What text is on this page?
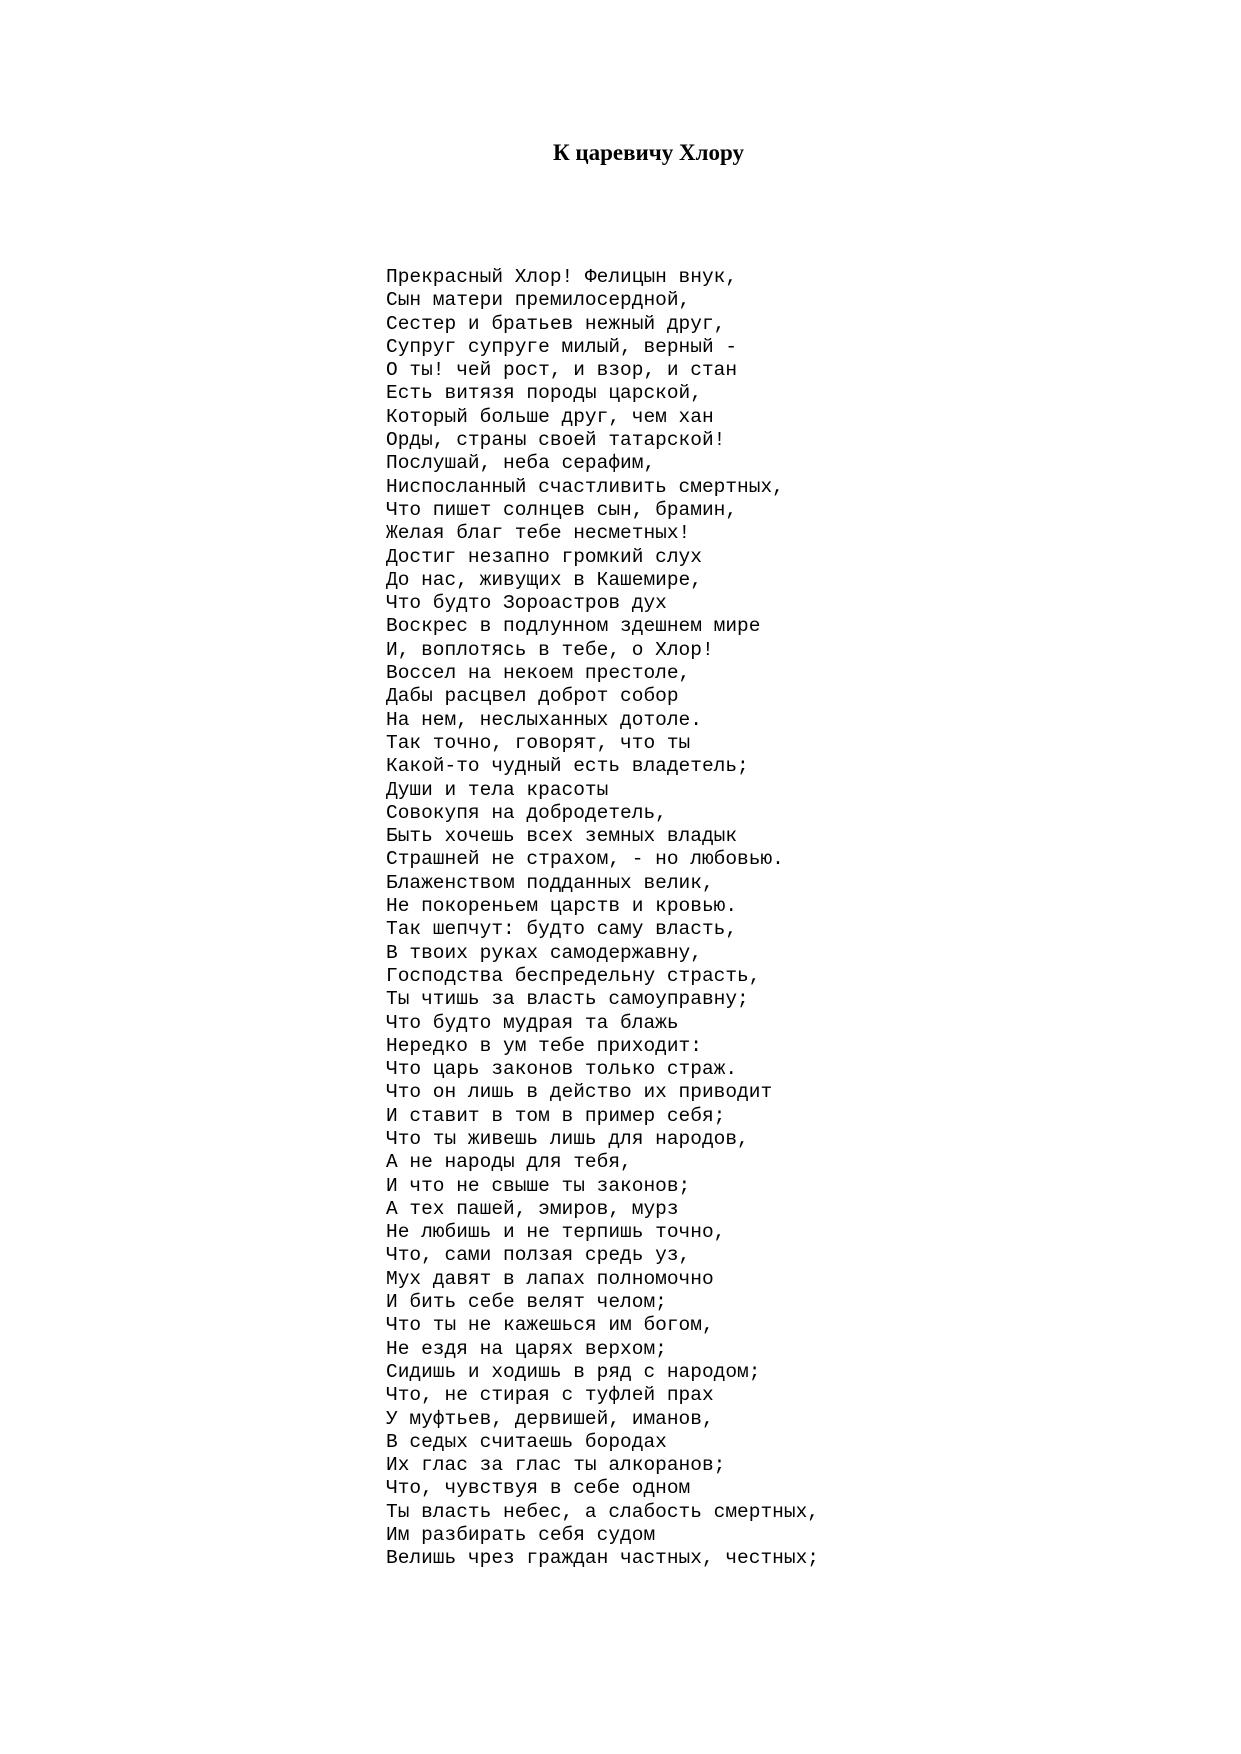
К царевичу Хлору
Прекрасный Хлор! Фелицын внук,
Сын матери премилосердной,
Сестер и братьев нежный друг,
Супруг супруге милый, верный -
О ты! чей рост, и взор, и стан
Есть витязя породы царской,
Который больше друг, чем хан
Орды, страны своей татарской!
Послушай, неба серафим,
Ниспосланный счастливить смертных,
Что пишет солнцев сын, брамин,
Желая благ тебе несметных!
Достиг незапно громкий слух
До нас, живущих в Кашемире,
Что будто Зороастров дух
Воскрес в подлунном здешнем мире
И, воплотясь в тебе, о Хлор!
Воссел на некоем престоле,
Дабы расцвел доброт собор
На нем, неслыханных дотоле.
Так точно, говорят, что ты
Какой-то чудный есть владетель;
Души и тела красоты
Совокупя на добродетель,
Быть хочешь всех земных владык
Страшней не страхом, - но любовью.
Блаженством подданных велик,
Не покореньем царств и кровью.
Так шепчут: будто саму власть,
В твоих руках самодержавну,
Господства беспредельну страсть,
Ты чтишь за власть самоуправну;
Что будто мудрая та блажь
Нередко в ум тебе приходит:
Что царь законов только страж.
Что он лишь в действо их приводит
И ставит в том в пример себя;
Что ты живешь лишь для народов,
А не народы для тебя,
И что не свыше ты законов;
А тех пашей, эмиров, мурз
Не любишь и не терпишь точно,
Что, сами ползая средь уз,
Мух давят в лапах полномочно
И бить себе велят челом;
Что ты не кажешься им богом,
Не ездя на царях верхом;
Сидишь и ходишь в ряд с народом;
Что, не стирая с туфлей прах
У муфтьев, дервишей, иманов,
В седых считаешь бородах
Их глас за глас ты алкоранов;
Что, чувствуя в себе одном
Ты власть небес, а слабость смертных,
Им разбирать себя судом
Велишь чрез граждан частных, честных;
